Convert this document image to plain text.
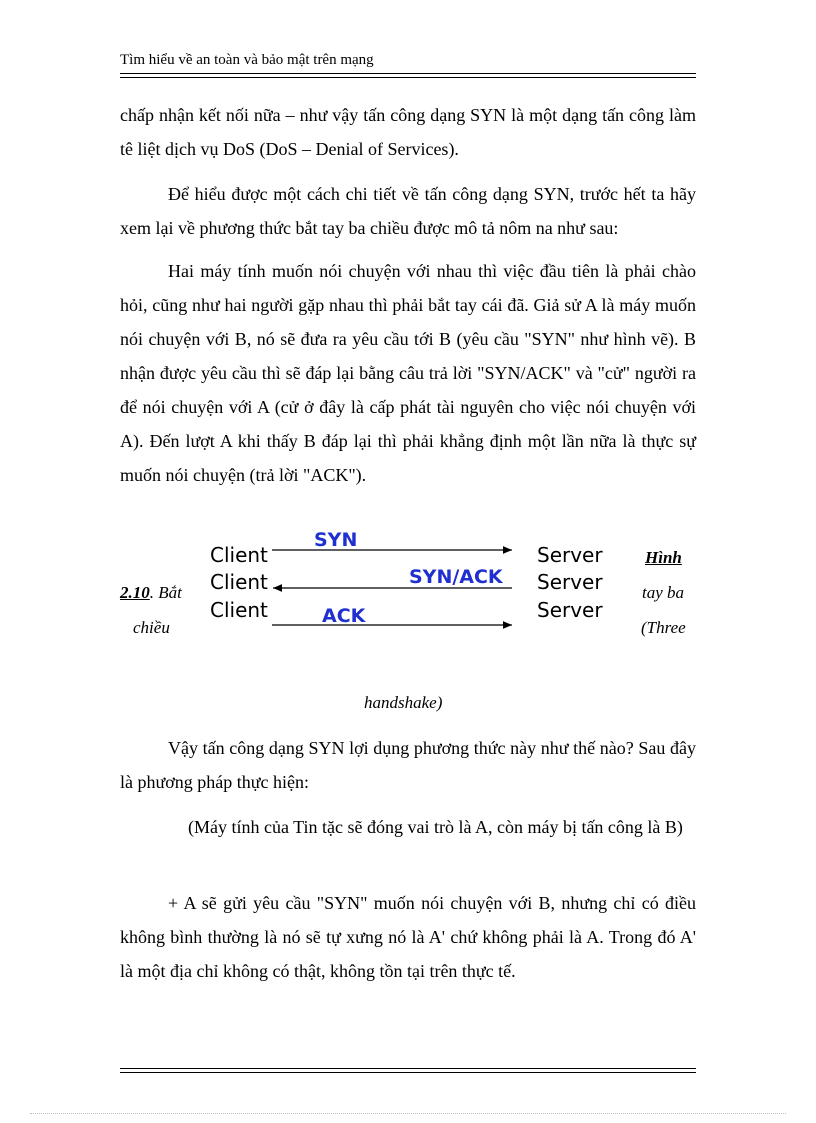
Tìm hiểu về an toàn và bảo mật trên mạng
chấp nhận kết nối nữa – như vậy tấn công dạng SYN là một dạng tấn công làm tê liệt dịch vụ DoS (DoS – Denial of Services).
Để hiểu được một cách chi tiết về tấn công dạng SYN, trước hết ta hãy xem lại về phương thức bắt tay ba chiều được mô tả nôm na như sau:
Hai máy tính muốn nói chuyện với nhau thì việc đầu tiên là phải chào hỏi, cũng như hai người gặp nhau thì phải bắt tay cái đã. Giả sử A là máy muốn nói chuyện với B, nó sẽ đưa ra yêu cầu tới B (yêu cầu "SYN" như hình vẽ). B nhận được yêu cầu thì sẽ đáp lại bằng câu trả lời "SYN/ACK" và "cử" người ra để nói chuyện với A (cử ở đây là cấp phát tài nguyên cho việc nói chuyện với A). Đến lượt A khi thấy B đáp lại thì phải khẳng định một lần nữa là thực sự muốn nói chuyện (trả lời "ACK").
Client	Server
SYN
Client	Server
SYN/ACK
Client	Server
ACK
Hình
2.10. Bắt	tay ba
chiều	(Three
handshake)
Vậy tấn công dạng SYN lợi dụng phương thức này như thế nào? Sau đây là phương pháp thực hiện:
(Máy tính của Tin tặc sẽ đóng vai trò là A, còn máy bị tấn công là B)
+ A sẽ gửi yêu cầu "SYN" muốn nói chuyện với B, nhưng chỉ có điều không bình thường là nó sẽ tự xưng nó là A' chứ không phải là A. Trong đó A' là một địa chỉ không có thật, không tồn tại trên thực tế.
